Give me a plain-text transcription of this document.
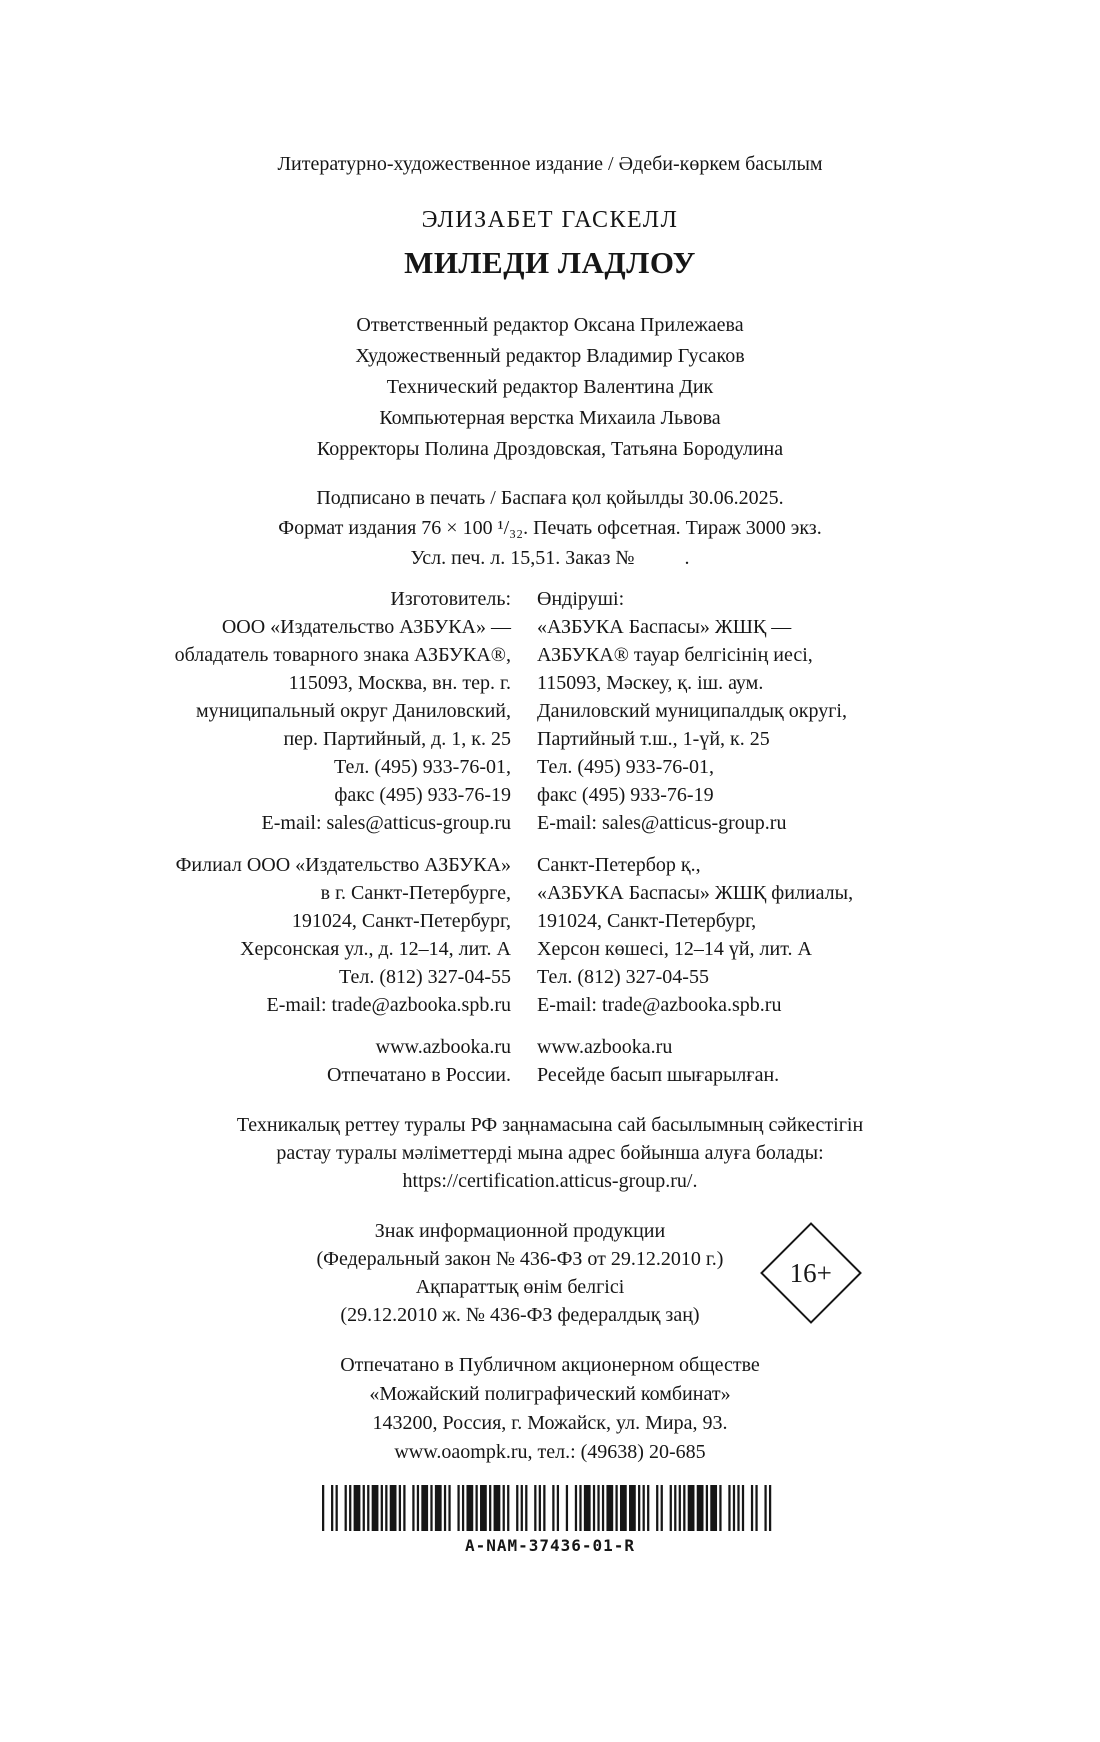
Литературно-художественное издание / Әдеби-көркем басылым
ЭЛИЗАБЕТ ГАСКЕЛЛ
МИЛЕДИ ЛАДЛОУ
Ответственный редактор Оксана Прилежаева
Художественный редактор Владимир Гусаков
Технический редактор Валентина Дик
Компьютерная верстка Михаила Львова
Корректоры Полина Дроздовская, Татьяна Бородулина
Подписано в печать / Баспаға қол қойылды 30.06.2025.
Формат издания 76 × 100 ¹/₃₂. Печать офсетная. Тираж 3000 экз.
Усл. печ. л. 15,51. Заказ №          .
Изготовитель:
ООО «Издательство АЗБУКА» —
обладатель товарного знака АЗБУКА®,
115093, Москва, вн. тер. г.
муниципальный округ Даниловский,
пер. Партийный, д. 1, к. 25
Тел. (495) 933-76-01,
факс (495) 933-76-19
E-mail: sales@atticus-group.ru
Филиал ООО «Издательство АЗБУКА»
в г. Санкт-Петербурге,
191024, Санкт-Петербург,
Херсонская ул., д. 12–14, лит. А
Тел. (812) 327-04-55
E-mail: trade@azbooka.spb.ru
www.azbooka.ru
Отпечатано в России.
Өндіруші:
«АЗБУКА Баспасы» ЖШҚ —
АЗБУКА® тауар белгісінің иесі,
115093, Мәскеу, қ. іш. аум.
Даниловский муниципалдық округі,
Партийный т.ш., 1-үй, к. 25
Тел. (495) 933-76-01,
факс (495) 933-76-19
E-mail: sales@atticus-group.ru
Санкт-Петербор қ.,
«АЗБУКА Баспасы» ЖШҚ филиалы,
191024, Санкт-Петербург,
Херсон көшесі, 12–14 үй, лит. А
Тел. (812) 327-04-55
E-mail: trade@azbooka.spb.ru
www.azbooka.ru
Ресейде басып шығарылған.
Техникалық реттеу туралы РФ заңнамасына сай басылымның сәйкестігін
растау туралы мәліметтерді мына адрес бойынша алуға болады:
https://certification.atticus-group.ru/.
Знак информационной продукции
(Федеральный закон № 436-ФЗ от 29.12.2010 г.)
Ақпараттық өнім белгісі
(29.12.2010 ж. № 436-ФЗ федералдық заң)
16+
Отпечатано в Публичном акционерном обществе
«Можайский полиграфический комбинат»
143200, Россия, г. Можайск, ул. Мира, 93.
www.oaompk.ru, тел.: (49638) 20-685
A-NAM-37436-01-R
